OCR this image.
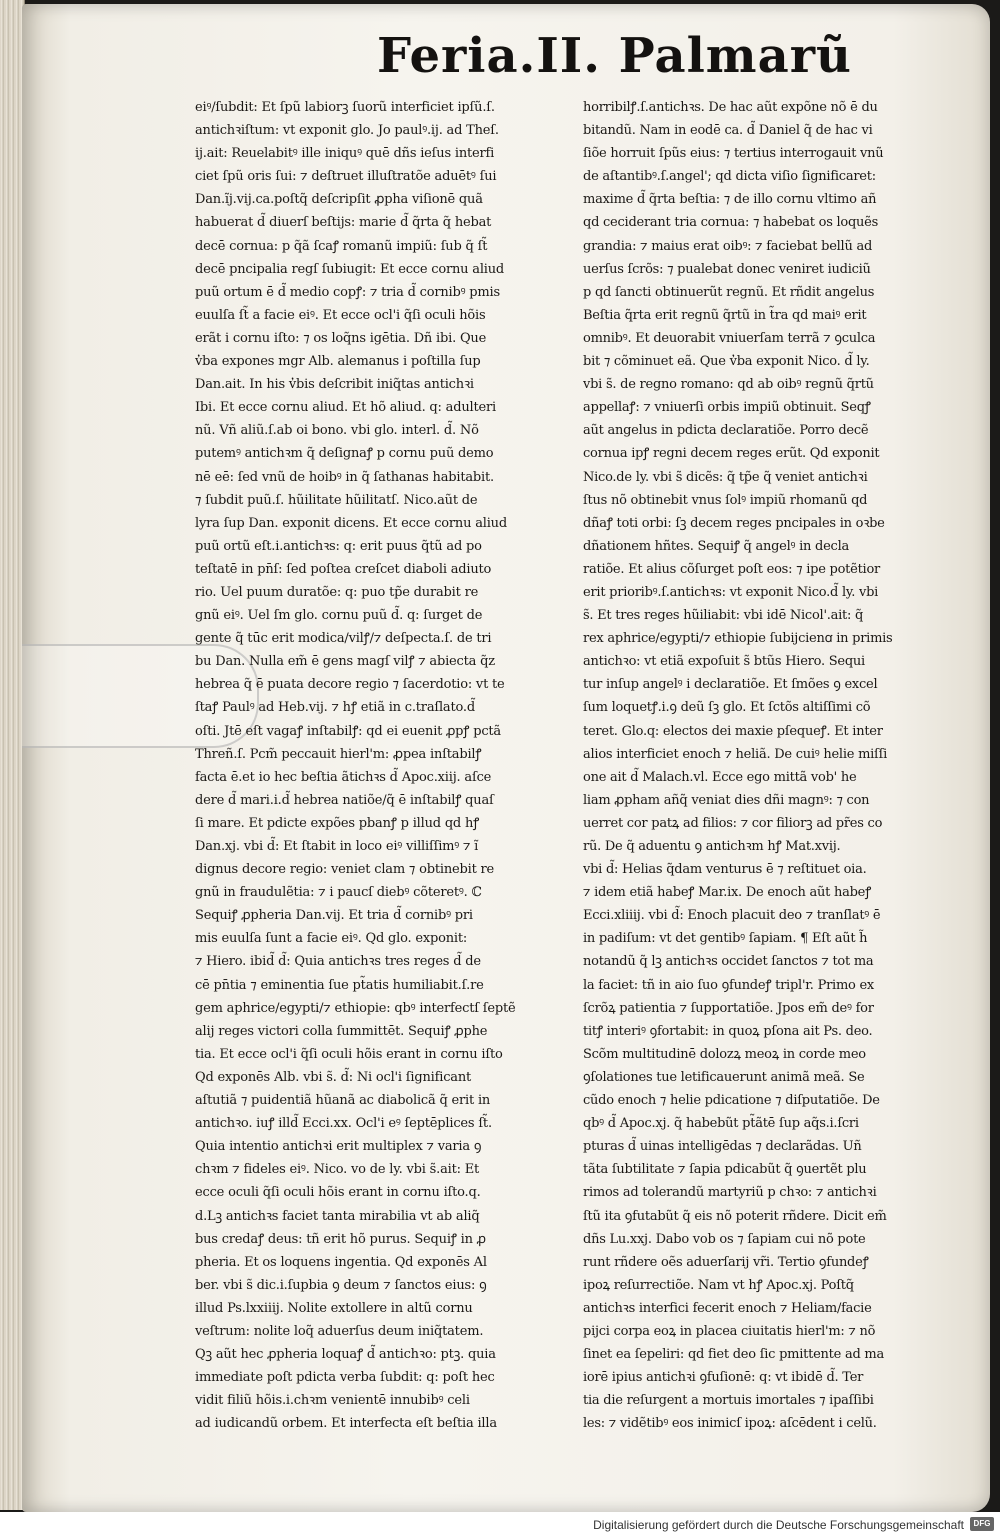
Feria.II. Palmarũ
eiꝰ/ſubdit: Et ſpũ labiorꝫ ſuorũ interficiet ipſũ.ſ.
antichꝛiſtum: vt exponit glo. Jo paulꝰ.ij. ad Theſ.
ij.ait: Reuelabitꝰ ille iniquꝰ quē dñs ieſus interfi
ciet ſpũ oris ſui: ⁊ deſtruet illuſtratõe aduētꝰ ſui
Dan.ĩj.vij.ca.poſtq̃ deſcripſit ꝓpha viſionē quã
habuerat d̃ diuerſ beſtijs: marie d̃ q̃rta q̃ hebat
decē cornua: p q̃ã ſcaꝭ romanũ impiũ: ſub q̃ ſt̃
decē pncipalia regſ ſubiugit: Et ecce cornu aliud
puũ ortum ē d̃ medio copꝭ: ⁊ tria d̃ cornibꝰ pmis
euulſa ſt̃ a facie eiꝰ. Et ecce ocl'i q̃ſi oculi hõis
erãt i cornu iſto: ⁊ os loq̃ns igētia. Dñ ibi. Que
v̓ba expones mgr Alb. alemanus i poſtilla ſup
Dan.ait. In his v̓bis deſcribit iniq̃tas antichꝛi
Ibi. Et ecce cornu aliud. Et hõ aliud. q: adulteri
nũ. Vñ aliũ.ſ.ab oi bono. vbi glo. interl. d̃. Nõ
putemꝰ antichꝛm q̃ deſignaꝭ p cornu puũ demo
nē eē: ſed vnũ de hoibꝰ in q̃ ſathanas habitabit.
⁊ ſubdit puũ.ſ. hũilitate hũilitatſ. Nico.aũt de
lyra ſup Dan. exponit dicens. Et ecce cornu aliud
puũ ortũ eſt.i.antichꝛs: q: erit puus q̃tũ ad po
teſtatē in pn̄ſ: ſed poſtea creſcet diaboli adiuto
rio. Uel puum duratõe: q: puo tp̃e durabit re
gnũ eiꝰ. Uel ſm glo. cornu puũ d̃. q: ſurget de
gente q̃ tūc erit modica/vilꝭ/⁊ deſpecta.ſ. de tri
bu Dan. Nulla em̃ ē gens magſ vilꝭ ⁊ abiecta q̃z
hebrea q̃ ē puata decore regio ⁊ ſacerdotio: vt te
ſtaꝭ Paulꝰ ad Heb.vij. ⁊ hꝭ etiã in c.traſlato.d̃
oſti. Jtē eſt vagaꝭ inſtabilꝭ: qd ei euenit ꝓpꝭ pctã
Threñ.ſ. Pcm̃ peccauit hierl'm: ꝓpea inſtabilꝭ
facta ē.et io hec beſtia ãtichꝛs d̃ Apoc.xiij. aſce
dere d̃ mari.i.d̃ hebrea natiõe/q̃ ē inſtabilꝭ quaſ
ſi mare. Et pdicte expões pbanꝭ p illud qd hꝭ
Dan.xj. vbi d̃: Et ſtabit in loco eiꝰ villiſſimꝰ ⁊ ĩ
dignus decore regio: veniet clam ⁊ obtinebit re
gnũ in fraudulẽtia: ⁊ i paucſ diebꝰ cõteretꝰ. ℂ
Sequiꝭ ꝓpheria Dan.vij. Et tria d̃ cornibꝰ pri
mis euulſa ſunt a facie eiꝰ. Qd glo. exponit:
⁊ Hiero. ibid̃ d̃: Quia antichꝛs tres reges d̃ de
cē pn̄tia ⁊ eminentia ſue pt̃atis humiliabit.ſ.re
gem aphrice/egypti/⁊ ethiopie: qbꝰ interfectſ ſeptẽ
alij reges victori colla ſummittēt. Sequiꝭ ꝓphe
tia. Et ecce ocl'i q̃ſi oculi hõis erant in cornu iſto
Qd exponēs Alb. vbi s̃. d̃: Ni ocl'i ſignificant
aſtutiã ⁊ puidentiã hũanã ac diabolicã q̃ erit in
antichꝛo. iuꝭ illd̃ Ecci.xx. Ocl'i eꝰ ſeptēplices ſt̃.
Quia intentio antichꝛi erit multiplex ⁊ varia ꝯ
chꝛm ⁊ fideles eiꝰ. Nico. vo de ly. vbi s̃.ait: Et
ecce oculi q̃ſi oculi hõis erant in cornu iſto.q.
d.Lꝫ antichꝛs faciet tanta mirabilia vt ab aliq̃
bus credaꝭ deus: tñ erit hõ purus. Sequiꝭ in ꝓ
pheria. Et os loquens ingentia. Qd exponēs Al
ber. vbi s̃ dic.i.ſupbia ꝯ deum ⁊ ſanctos eius: ꝯ
illud Ps.lxxiiij. Nolite extollere in altũ cornu
veſtrum: nolite loq̃ aduerſus deum iniq̃tatem.
Qꝫ aũt hec ꝓpheria loquaꝭ d̃ antichꝛo: ptꝫ. quia
immediate poſt pdicta verba ſubdit: q: poſt hec
vidit filiũ hõis.i.chꝛm venientē innubibꝰ celi
ad iudicandũ orbem. Et interfecta eſt beſtia illa
horribilꝭ.ſ.antichꝛs. De hac aũt expõne nõ ē du
bitandũ. Nam in eodē ca. d̃ Daniel q̃ de hac vi
ſiõe horruit ſpũs eius: ⁊ tertius interrogauit vnũ
de aſtantibꝰ.ſ.angel'; qd dicta viſio ſignificaret:
maxime d̃ q̃rta beſtia: ⁊ de illo cornu vltimo añ
qd ceciderant tria cornua: ⁊ habebat os loquẽs
grandia: ⁊ maius erat oibꝰ: ⁊ faciebat bellũ ad
uerſus ſcrõs: ⁊ pualebat donec veniret iudiciũ
p qd ſancti obtinuerũt regnũ. Et rñdit angelus
Beſtia q̃rta erit regnũ q̃rtũ in t̃ra qd maiꝰ erit
omnibꝰ. Et deuorabit vniuerſam terrã ⁊ ꝯculca
bit ⁊ cõminuet eã. Que v̓ba exponit Nico. d̃ ly.
vbi s̃. de regno romano: qd ab oibꝰ regnũ q̃rtũ
appellaꝭ: ⁊ vniuerſi orbis impiũ obtinuit. Seqꝭ
aũt angelus in pdicta declaratiõe. Porro decẽ
cornua ipꝭ regni decem reges erũt. Qd exponit
Nico.de ly. vbi s̃ dicẽs: q̃ tp̃e q̃ veniet antichꝛi
ſtus nõ obtinebit vnus ſolꝰ impiũ rhomanũ qd
dñaꝭ toti orbi: ſꝫ decem reges pncipales in oꝛbe
dñationem hñtes. Sequiꝭ q̃ angelꝰ in decla
ratiõe. Et alius cõſurget poſt eos: ⁊ ipe potẽtior
erit prioribꝰ.ſ.antichꝛs: vt exponit Nico.d̃ ly. vbi
s̃. Et tres reges hũiliabit: vbi idē Nicol'.ait: q̃
rex aphrice/egypti/⁊ ethiopie ſubijcienꭤ in primis
antichꝛo: vt etiã expoſuit s̃ btũs Hiero. Sequi
tur inſup angelꝰ i declaratiõe. Et ſmões ꝯ excel
ſum loquetꝭ.i.ꝯ deũ ſꝫ glo. Et ſctõs altiſſimi cõ
teret. Glo.q: electos dei maxie pſequeꝭ. Et inter
alios interficiet enoch ⁊ heliã. De cuiꝰ helie miſſi
one ait d̃ Malach.vl. Ecce ego mittã vob' he
liam ꝓpham añq̃ veniat dies dñi magnꝰ: ⁊ con
uerret cor patꝝ ad filios: ⁊ cor filiorꝫ ad pr̃es co
rũ. De q̃ aduentu ꝯ antichꝛm hꝭ Mat.xvij.
vbi d̃: Helias q̃dam venturus ē ⁊ reſtituet oia.
⁊ idem etiã habeꝭ Mar.ix. De enoch aũt habeꝭ
Ecci.xliiij. vbi d̃: Enoch placuit deo ⁊ tranſlatꝰ ē
in padiſum: vt det gentibꝰ ſapiam. ¶ Eſt aũt h̃
notandũ q̃ lꝫ antichꝛs occidet ſanctos ⁊ tot ma
la faciet: tñ in aio ſuo ꝯfundeꝭ tripl'r. Primo ex
ſcrõꝝ patientia ⁊ ſupportatiõe. Jpos em̃ deꝰ for
titꝭ interiꝰ ꝯfortabit: in quoꝝ pſona ait Ps. deo.
Scõm multitudinē dolozꝝ meoꝝ in corde meo
ꝯſolationes tue letificauerunt animã meã. Se
cũdo enoch ⁊ helie pdicatione ⁊ diſputatiõe. De
qbꝰ d̃ Apoc.xj. q̃ habebũt pt̃ãtē ſup aq̃s.i.ſcri
pturas d̃ uinas intelligēdas ⁊ declarãdas. Uñ
tãta ſubtilitate ⁊ ſapia pdicabũt q̃ ꝯuertẽt plu
rimos ad tolerandũ martyriũ p chꝛo: ⁊ antichꝛi
ſtũ ita ꝯfutabũt q̃ eis nõ poterit rñdere. Dicit em̃
dñs Lu.xxj. Dabo vob os ⁊ ſapiam cui nõ pote
runt rñdere oẽs aduerſarij vr̃i. Tertio ꝯfundeꝭ
ipoꝝ reſurrectiõe. Nam vt hꝭ Apoc.xj. Poſtq̃
antichꝛs interfici fecerit enoch ⁊ Heliam/facie
pijci corpa eoꝝ in placea ciuitatis hierl'm: ⁊ nõ
ſinet ea ſepeliri: qd fiet deo ſic pmittente ad ma
iorē ipius antichꝛi ꝯfuſionē: q: vt ibidē d̃. Ter
tia die reſurgent a mortuis imortales ⁊ ipaſſibi
les: ⁊ vidẽtibꝰ eos inimicſ ipoꝝ: aſcēdent i celũ.
Digitalisierung gefördert durch die Deutsche Forschungsgemeinschaft	DFG
